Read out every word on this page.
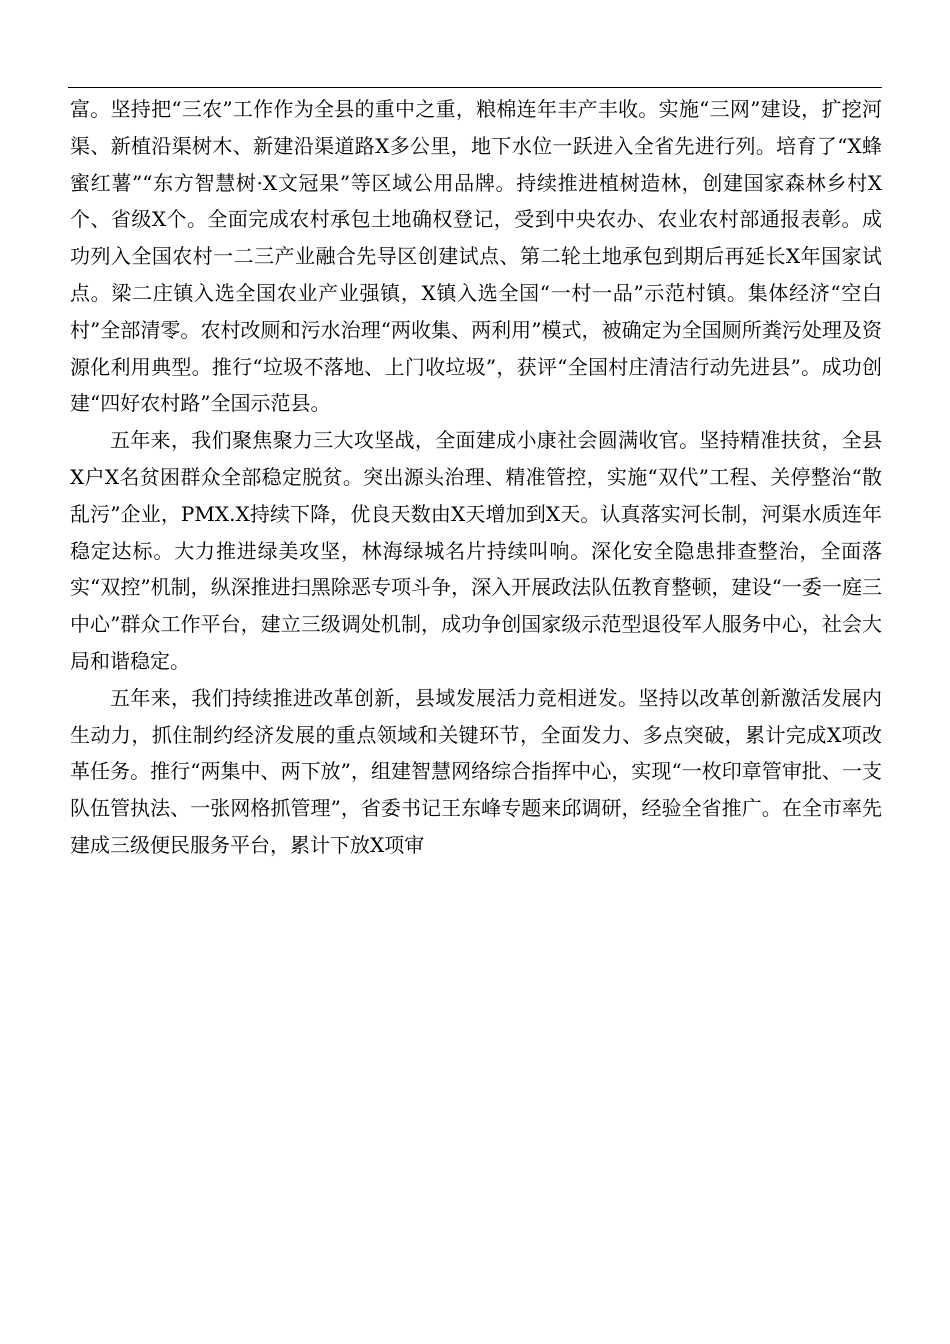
富。坚持把“三农”工作作为全县的重中之重，粮棉连年丰产丰收。实施“三网”建设，扩挖河渠、新植沿渠树木、新建沿渠道路X多公里，地下水位一跃进入全省先进行列。培育了“X蜂蜜红薯”“东方智慧树·X文冠果”等区域公用品牌。持续推进植树造林，创建国家森林乡村X个、省级X个。全面完成农村承包土地确权登记，受到中央农办、农业农村部通报表彰。成功列入全国农村一二三产业融合先导区创建试点、第二轮土地承包到期后再延长X年国家试点。梁二庄镇入选全国农业产业强镇，X镇入选全国“一村一品”示范村镇。集体经济“空白村”全部清零。农村改厕和污水治理“两收集、两利用”模式，被确定为全国厕所粪污处理及资源化利用典型。推行“垃圾不落地、上门收垃圾”，获评“全国村庄清洁行动先进县”。成功创建“四好农村路”全国示范县。

五年来，我们聚焦聚力三大攻坚战，全面建成小康社会圆满收官。坚持精准扶贫，全县X户X名贫困群众全部稳定脱贫。突出源头治理、精准管控，实施“双代”工程、关停整治“散乱污”企业，PMX.X持续下降，优良天数由X天增加到X天。认真落实河长制，河渠水质连年稳定达标。大力推进绿美攻坚，林海绿城名片持续叫响。深化安全隐患排查整治，全面落实“双控”机制，纵深推进扫黑除恶专项斗争，深入开展政法队伍教育整顿，建设“一委一庭三中心”群众工作平台，建立三级调处机制，成功争创国家级示范型退役军人服务中心，社会大局和谐稳定。

五年来，我们持续推进改革创新，县域发展活力竞相迸发。坚持以改革创新激活发展内生动力，抓住制约经济发展的重点领域和关键环节，全面发力、多点突破，累计完成X项改革任务。推行“两集中、两下放”，组建智慧网络综合指挥中心，实现“一枚印章管审批、一支队伍管执法、一张网格抓管理”，省委书记王东峰专题来邱调研，经验全省推广。在全市率先建成三级便民服务平台，累计下放X项审
